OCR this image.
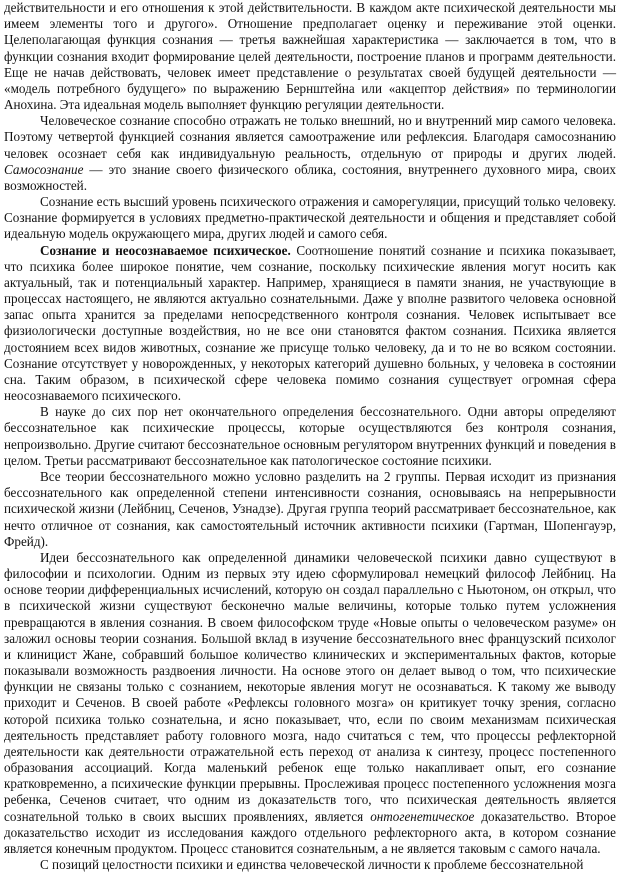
действительности и его отношения к этой действительности. В каждом акте психической деятельности мы имеем элементы того и другого». Отношение предполагает оценку и переживание этой оценки. Целеполагающая функция сознания — третья важнейшая характеристика — заключается в том, что в функции сознания входит формирование целей деятельности, построение планов и программ деятельности. Еще не начав действовать, человек имеет представление о результатах своей будущей деятельности — «модель потребного будущего» по выражению Бернштейна или «акцептор действия» по терминологии Анохина. Эта идеальная модель выполняет функцию регуляции деятельности.

Человеческое сознание способно отражать не только внешний, но и внутренний мир самого человека. Поэтому четвертой функцией сознания является самоотражение или рефлексия. Благодаря самосознанию человек осознает себя как индивидуальную реальность, отдельную от природы и других людей. Самосознание — это знание своего физического облика, состояния, внутреннего духовного мира, своих возможностей.

Сознание есть высший уровень психического отражения и саморегуляции, присущий только человеку. Сознание формируется в условиях предметно-практической деятельности и общения и представляет собой идеальную модель окружающего мира, других людей и самого себя.

Сознание и неосознаваемое психическое. Соотношение понятий сознание и психика показывает, что психика более широкое понятие, чем сознание, поскольку психические явления могут носить как актуальный, так и потенциальный характер. Например, хранящиеся в памяти знания, не участвующие в процессах настоящего, не являются актуально сознательными. Даже у вполне развитого человека основной запас опыта хранится за пределами непосредственного контроля сознания. Человек испытывает все физиологически доступные воздействия, но не все они становятся фактом сознания. Психика является достоянием всех видов животных, сознание же присуще только человеку, да и то не во всяком состоянии. Сознание отсутствует у новорожденных, у некоторых категорий душевно больных, у человека в состоянии сна. Таким образом, в психической сфере человека помимо сознания существует огромная сфера неосознаваемого психического.

В науке до сих пор нет окончательного определения бессознательного. Одни авторы определяют бессознательное как психические процессы, которые осуществляются без контроля сознания, непроизвольно. Другие считают бессознательное основным регулятором внутренних функций и поведения в целом. Третьи рассматривают бессознательное как патологическое состояние психики.

Все теории бессознательного можно условно разделить на 2 группы. Первая исходит из признания бессознательного как определенной степени интенсивности сознания, основываясь на непрерывности психической жизни (Лейбниц, Сеченов, Узнадзе). Другая группа теорий рассматривает бессознательное, как нечто отличное от сознания, как самостоятельный источник активности психики (Гартман, Шопенгауэр, Фрейд).

Идеи бессознательного как определенной динамики человеческой психики давно существуют в философии и психологии. Одним из первых эту идею сформулировал немецкий философ Лейбниц. На основе теории дифференциальных исчислений, которую он создал параллельно с Ньютоном, он открыл, что в психической жизни существуют бесконечно малые величины, которые только путем усложнения превращаются в явления сознания. В своем философском труде «Новые опыты о человеческом разуме» он заложил основы теории сознания. Большой вклад в изучение бессознательного внес французский психолог и клиницист Жане, собравший большое количество клинических и экспериментальных фактов, которые показывали возможность раздвоения личности. На основе этого он делает вывод о том, что психические функции не связаны только с сознанием, некоторые явления могут не осознаваться. К такому же выводу приходит и Сеченов. В своей работе «Рефлексы головного мозга» он критикует точку зрения, согласно которой психика только сознательна, и ясно показывает, что, если по своим механизмам психическая деятельность представляет работу головного мозга, надо считаться с тем, что процессы рефлекторной деятельности как деятельности отражательной есть переход от анализа к синтезу, процесс постепенного образования ассоциаций. Когда маленький ребенок еще только накапливает опыт, его сознание кратковременно, а психические функции прерывны. Прослеживая процесс постепенного усложнения мозга ребенка, Сеченов считает, что одним из доказательств того, что психическая деятельность является сознательной только в своих высших проявлениях, является онтогенетическое доказательство. Второе доказательство исходит из исследования каждого отдельного рефлекторного акта, в котором сознание является конечным продуктом. Процесс становится сознательным, а не является таковым с самого начала.

С позиций целостности психики и единства человеческой личности к проблеме бессознательной
